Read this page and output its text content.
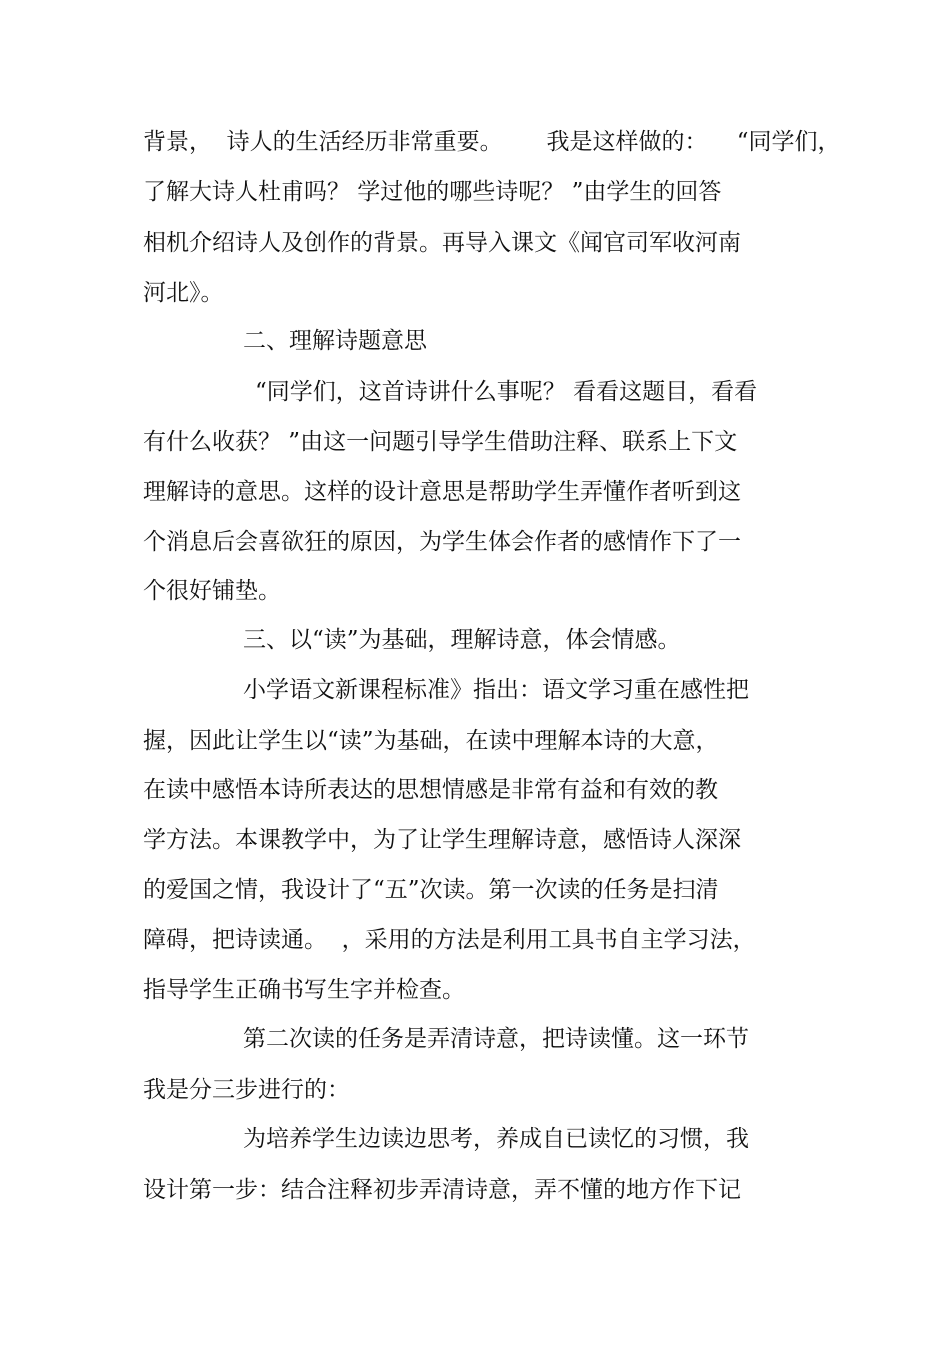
背景，  诗人的生活经历非常重要。      我是这样做的：    “同学们，
了解大诗人杜甫吗？ 学过他的哪些诗呢？ ”由学生的回答
相机介绍诗人及创作的背景。再导入课文《闻官司军收河南
河北》。
二、理解诗题意思
“同学们，这首诗讲什么事呢？ 看看这题目，看看
有什么收获？ ”由这一问题引导学生借助注释、联系上下文
理解诗的意思。这样的设计意思是帮助学生弄懂作者听到这
个消息后会喜欲狂的原因，为学生体会作者的感情作下了一
个很好铺垫。
三、以“读”为基础，理解诗意，体会情感。
小学语文新课程标准》指出：语文学习重在感性把
握，因此让学生以“读”为基础，在读中理解本诗的大意，
在读中感悟本诗所表达的思想情感是非常有益和有效的教
学方法。本课教学中，为了让学生理解诗意，感悟诗人深深
的爱国之情，我设计了“五”次读。第一次读的任务是扫清
障碍，把诗读通。  ，采用的方法是利用工具书自主学习法，
指导学生正确书写生字并检查。
第二次读的任务是弄清诗意，把诗读懂。这一环节
我是分三步进行的：
为培养学生边读边思考，养成自已读忆的习惯，我
设计第一步：结合注释初步弄清诗意，弄不懂的地方作下记
